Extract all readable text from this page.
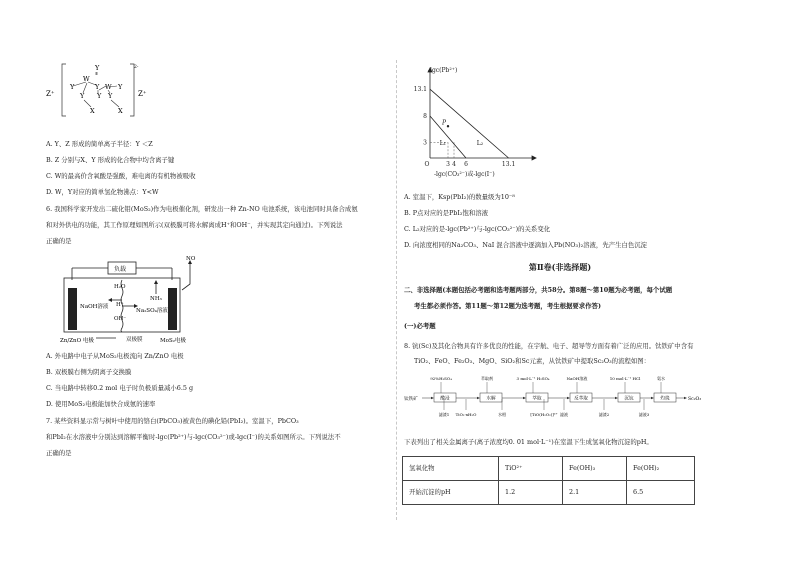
Z⁺	Z⁺
2-
Y
W
Y	Y
Y Y
W Y
Y
X	X
A. Y、Z 形成的简单离子半径：Y ＜Z
B. Z 分别与X、Y 形成的化合物中均含离子键
C. W的最高价含氧酸是强酸，难电离的有机物被吸收
D. W，Y对应的简单氢化物沸点：Y<W
6. 我国科学家开发出二硫化钼(MoS₂)作为电极催化剂，研发出一种 Zn-NO 电池系统，该电池同时具备合成氨
和对外供电的功能，其工作原理如图所示(双极膜可将水解离成H⁺和OH⁻，并实现其定向通过)。下列说法
正确的是
负载
NO
H₂O
H⁺
OH⁻
NH₃
NaOH溶液
Na₂SO₄溶液
Zn/ZnO 电极	MoS₂电极
双极膜
A. 外电路中电子从MoS₂电极流向 Zn/ZnO 电极
B. 双极膜右侧为阴离子交换膜
C. 当电路中转移0.2 mol 电子时负极质量减小6.5 g
D. 使用MoS₂电极能加快合成氨的速率
7. 某些资料显示常与树叶中使用的铬白(PbCO₃)被黄色的碘化铅(PbI₂)。室温下，PbCO₃
和PbI₂在水溶液中分别达到溶解平衡时-lgc(Pb²⁺)与-lgc(CO₃²⁻)或-lgc(I⁻)的关系如图所示。下列说法不
正确的是
P
-lgc(Pb²⁺)
-lgc(CO₃²⁻)或-lgc(I⁻)
13.1
8
3
O	3 4 6	13.1
L₁	L₂
A. 室温下，Ksp(PbI₂)的数量级为10⁻⁸
B. P点对应的是PbI₂饱和溶液
C. L₂对应的是-lgc(Pb²⁺)与-lgc(CO₃²⁻)的关系变化
D. 向浓度相同的Na₂CO₃、NaI 混合溶液中逐滴加入Pb(NO₃)₂溶液，先产生白色沉淀
第Ⅱ卷(非选择题)
二、非选择题(本题包括必考题和选考题两部分，共58分。第8题～第10题为必考题，每个试题
考生都必须作答。第11题～第12题为选考题，考生根据要求作答)
(一)必考题
8. 钪(Sc)及其化合物具有许多优良的性能，在宇航、电子、超导等方面有着广泛的应用。钛铁矿中含有
TiO₂、FeO、Fe₂O₃、MgO、SiO₂和Sc元素，从钛铁矿中提取Sc₂O₃的流程如图：
钛铁矿	酸浸
92%H₂SO₄
水解
萃取剂
萃取
3 mol·L⁻¹ H₂SO₄
反萃取
NaOH溶液
沉钪
10 mol·L⁻¹ HCl
灼烧
氨水
Sc₂O₃
滤渣1 TiO₂·xH₂O	水相	[TiO(H₂O₂)]²⁺ 滤液	滤渣2	滤液3
下表列出了相关金属离子(离子浓度均0. 01 mol·L⁻¹)在室温下生成氢氧化物沉淀的pH。
氢氧化物	TiO²⁺	Fe(OH)₃	Fe(OH)₂
开始沉淀的pH	1.2	2.1	6.5
